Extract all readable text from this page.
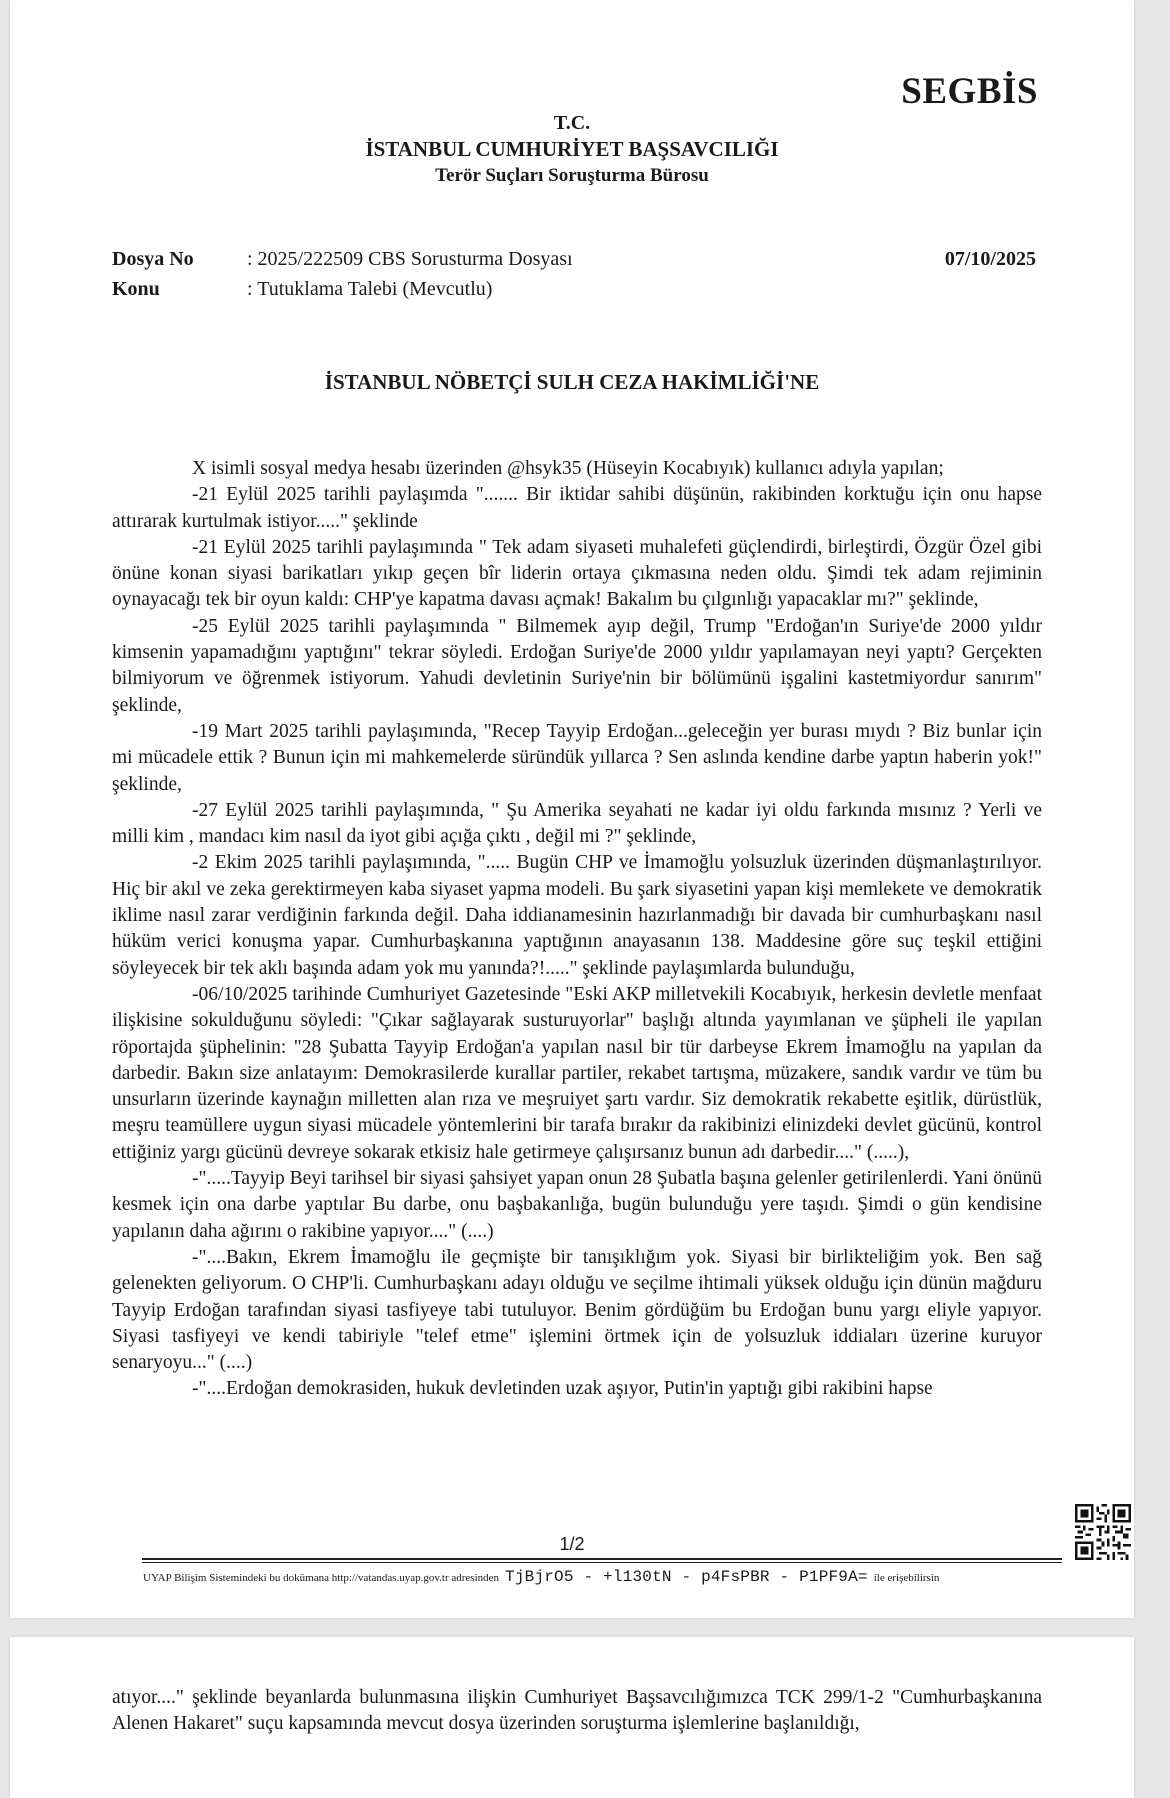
SEGBİS
T.C.
İSTANBUL CUMHURİYET BAŞSAVCILIĞI
Terör Suçları Soruşturma Bürosu
Dosya No	: 2025/222509 CBS Sorusturma Dosyası	07/10/2025
Konu	: Tutuklama Talebi (Mevcutlu)
İSTANBUL NÖBETÇİ SULH CEZA HAKİMLİĞİ'NE

X isimli sosyal medya hesabı üzerinden @hsyk35 (Hüseyin Kocabıyık) kullanıcı adıyla yapılan;

-21 Eylül 2025 tarihli paylaşımda "....... Bir iktidar sahibi düşünün, rakibinden korktuğu için onu hapse attırarak kurtulmak istiyor....." şeklinde

-21 Eylül 2025 tarihli paylaşımında " Tek adam siyaseti muhalefeti güçlendirdi, birleştirdi, Özgür Özel gibi önüne konan siyasi barikatları yıkıp geçen bîr liderin ortaya çıkmasına neden oldu. Şimdi tek adam rejiminin oynayacağı tek bir oyun kaldı: CHP'ye kapatma davası açmak! Bakalım bu çılgınlığı yapacaklar mı?" şeklinde,

-25 Eylül 2025 tarihli paylaşımında " Bilmemek ayıp değil, Trump "Erdoğan'ın Suriye'de 2000 yıldır kimsenin yapamadığını yaptığını" tekrar söyledi. Erdoğan Suriye'de 2000 yıldır yapılamayan neyi yaptı? Gerçekten bilmiyorum ve öğrenmek istiyorum. Yahudi devletinin Suriye'nin bir bölümünü işgalini kastetmiyordur sanırım" şeklinde,

-19 Mart 2025 tarihli paylaşımında, "Recep Tayyip Erdoğan...geleceğin yer burası mıydı ? Biz bunlar için mi mücadele ettik ? Bunun için mi mahkemelerde süründük yıllarca ? Sen aslında kendine darbe yaptın haberin yok!" şeklinde,

-27 Eylül 2025 tarihli paylaşımında, " Şu Amerika seyahati ne kadar iyi oldu farkında mısınız ? Yerli ve milli kim , mandacı kim nasıl da iyot gibi açığa çıktı , değil mi ?" şeklinde,

-2 Ekim 2025 tarihli paylaşımında, "..... Bugün CHP ve İmamoğlu yolsuzluk üzerinden düşmanlaştırılıyor. Hiç bir akıl ve zeka gerektirmeyen kaba siyaset yapma modeli. Bu şark siyasetini yapan kişi memlekete ve demokratik iklime nasıl zarar verdiğinin farkında değil. Daha iddianamesinin hazırlanmadığı bir davada bir cumhurbaşkanı nasıl hüküm verici konuşma yapar. Cumhurbaşkanına yaptığının anayasanın 138. Maddesine göre suç teşkil ettiğini söyleyecek bir tek aklı başında adam yok mu yanında?!....." şeklinde paylaşımlarda bulunduğu,

-06/10/2025 tarihinde Cumhuriyet Gazetesinde "Eski AKP milletvekili Kocabıyık, herkesin devletle menfaat ilişkisine sokulduğunu söyledi: "Çıkar sağlayarak susturuyorlar" başlığı altında yayımlanan ve şüpheli ile yapılan röportajda şüphelinin: "28 Şubatta Tayyip Erdoğan'a yapılan nasıl bir tür darbeyse Ekrem İmamoğlu na yapılan da darbedir. Bakın size anlatayım: Demokrasilerde kurallar partiler, rekabet tartışma, müzakere, sandık vardır ve tüm bu unsurların üzerinde kaynağın milletten alan rıza ve meşruiyet şartı vardır. Siz demokratik rekabette eşitlik, dürüstlük, meşru teamüllere uygun siyasi mücadele yöntemlerini bir tarafa bırakır da rakibinizi elinizdeki devlet gücünü, kontrol ettiğiniz yargı gücünü devreye sokarak etkisiz hale getirmeye çalışırsanız bunun adı darbedir...." (.....),

-".....Tayyip Beyi tarihsel bir siyasi şahsiyet yapan onun 28 Şubatla başına gelenler getirilenlerdi. Yani önünü kesmek için ona darbe yaptılar Bu darbe, onu başbakanlığa, bugün bulunduğu yere taşıdı. Şimdi o gün kendisine yapılanın daha ağırını o rakibine yapıyor...." (....)

-"....Bakın, Ekrem İmamoğlu ile geçmişte bir tanışıklığım yok. Siyasi bir birlikteliğim yok. Ben sağ gelenekten geliyorum. O CHP'li. Cumhurbaşkanı adayı olduğu ve seçilme ihtimali yüksek olduğu için dünün mağduru Tayyip Erdoğan tarafından siyasi tasfiyeye tabi tutuluyor. Benim gördüğüm bu Erdoğan bunu yargı eliyle yapıyor. Siyasi tasfiyeyi ve kendi tabiriyle "telef etme" işlemini örtmek için de yolsuzluk iddiaları üzerine kuruyor senaryoyu..." (....)

-"....Erdoğan demokrasiden, hukuk devletinden uzak aşıyor, Putin'in yaptığı gibi rakibini hapse

1/2
UYAP Bilişim Sistemindeki bu dokümana http://vatandas.uyap.gov.tr adresinden TjBjrO5 - +l130tN - p4FsPBR - P1PF9A= ile erişebilirsin

atıyor...." şeklinde beyanlarda bulunmasına ilişkin Cumhuriyet Başsavcılığımızca TCK 299/1-2 "Cumhurbaşkanına Alenen Hakaret" suçu kapsamında mevcut dosya üzerinden soruşturma işlemlerine başlanıldığı,
